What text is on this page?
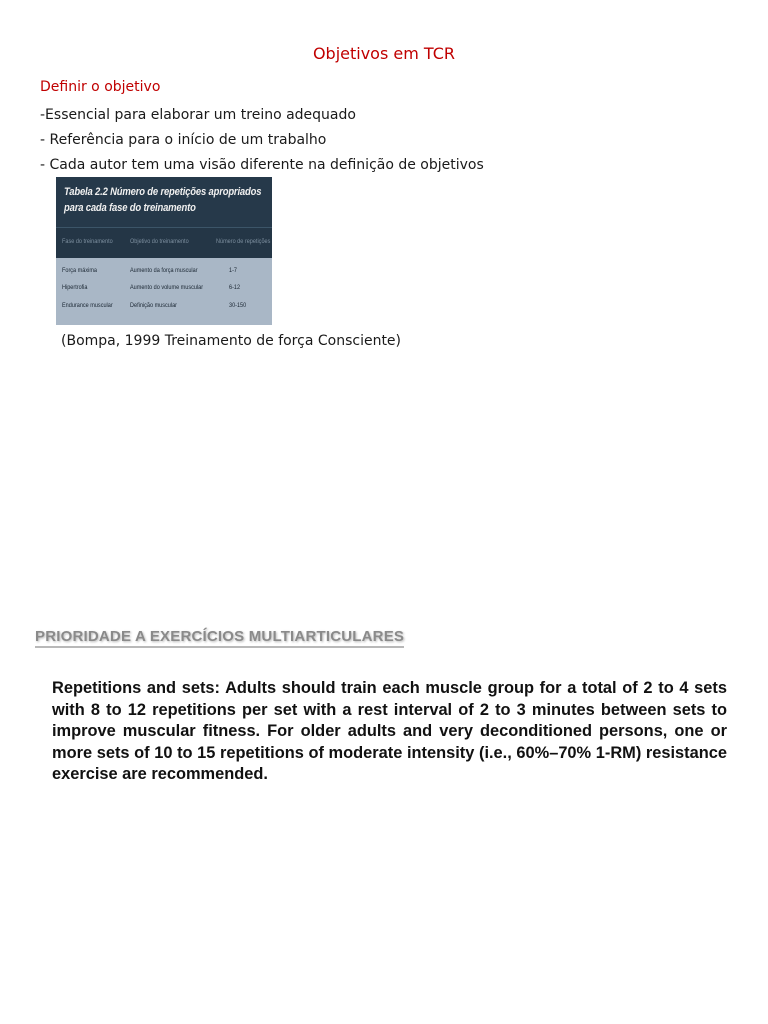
Objetivos em TCR
Definir o objetivo
-Essencial para elaborar um treino adequado
- Referência para o início de um trabalho
- Cada autor tem uma visão diferente na definição de objetivos
Tabela 2.2 Número de repetições apropriados
para cada fase do treinamento
Fase do treinamento	Objetivo do treinamento	Número de repetições
Força máxima	Aumento da força muscular	1-7
Hipertrofia	Aumento do volume muscular	6-12
Endurance muscular	Definição muscular	30-150
(Bompa, 1999 Treinamento de força Consciente)
PRIORIDADE A EXERCÍCIOS MULTIARTICULARES

Repetitions and sets: Adults should train each muscle group for a total of 2 to 4 sets with 8 to 12 repetitions per set with a rest interval of 2 to 3 minutes between sets to improve muscular fitness. For older adults and very deconditioned persons, one or more sets of 10 to 15 repetitions of moderate intensity (i.e., 60%–70% 1-RM) resistance exercise are recommended.
